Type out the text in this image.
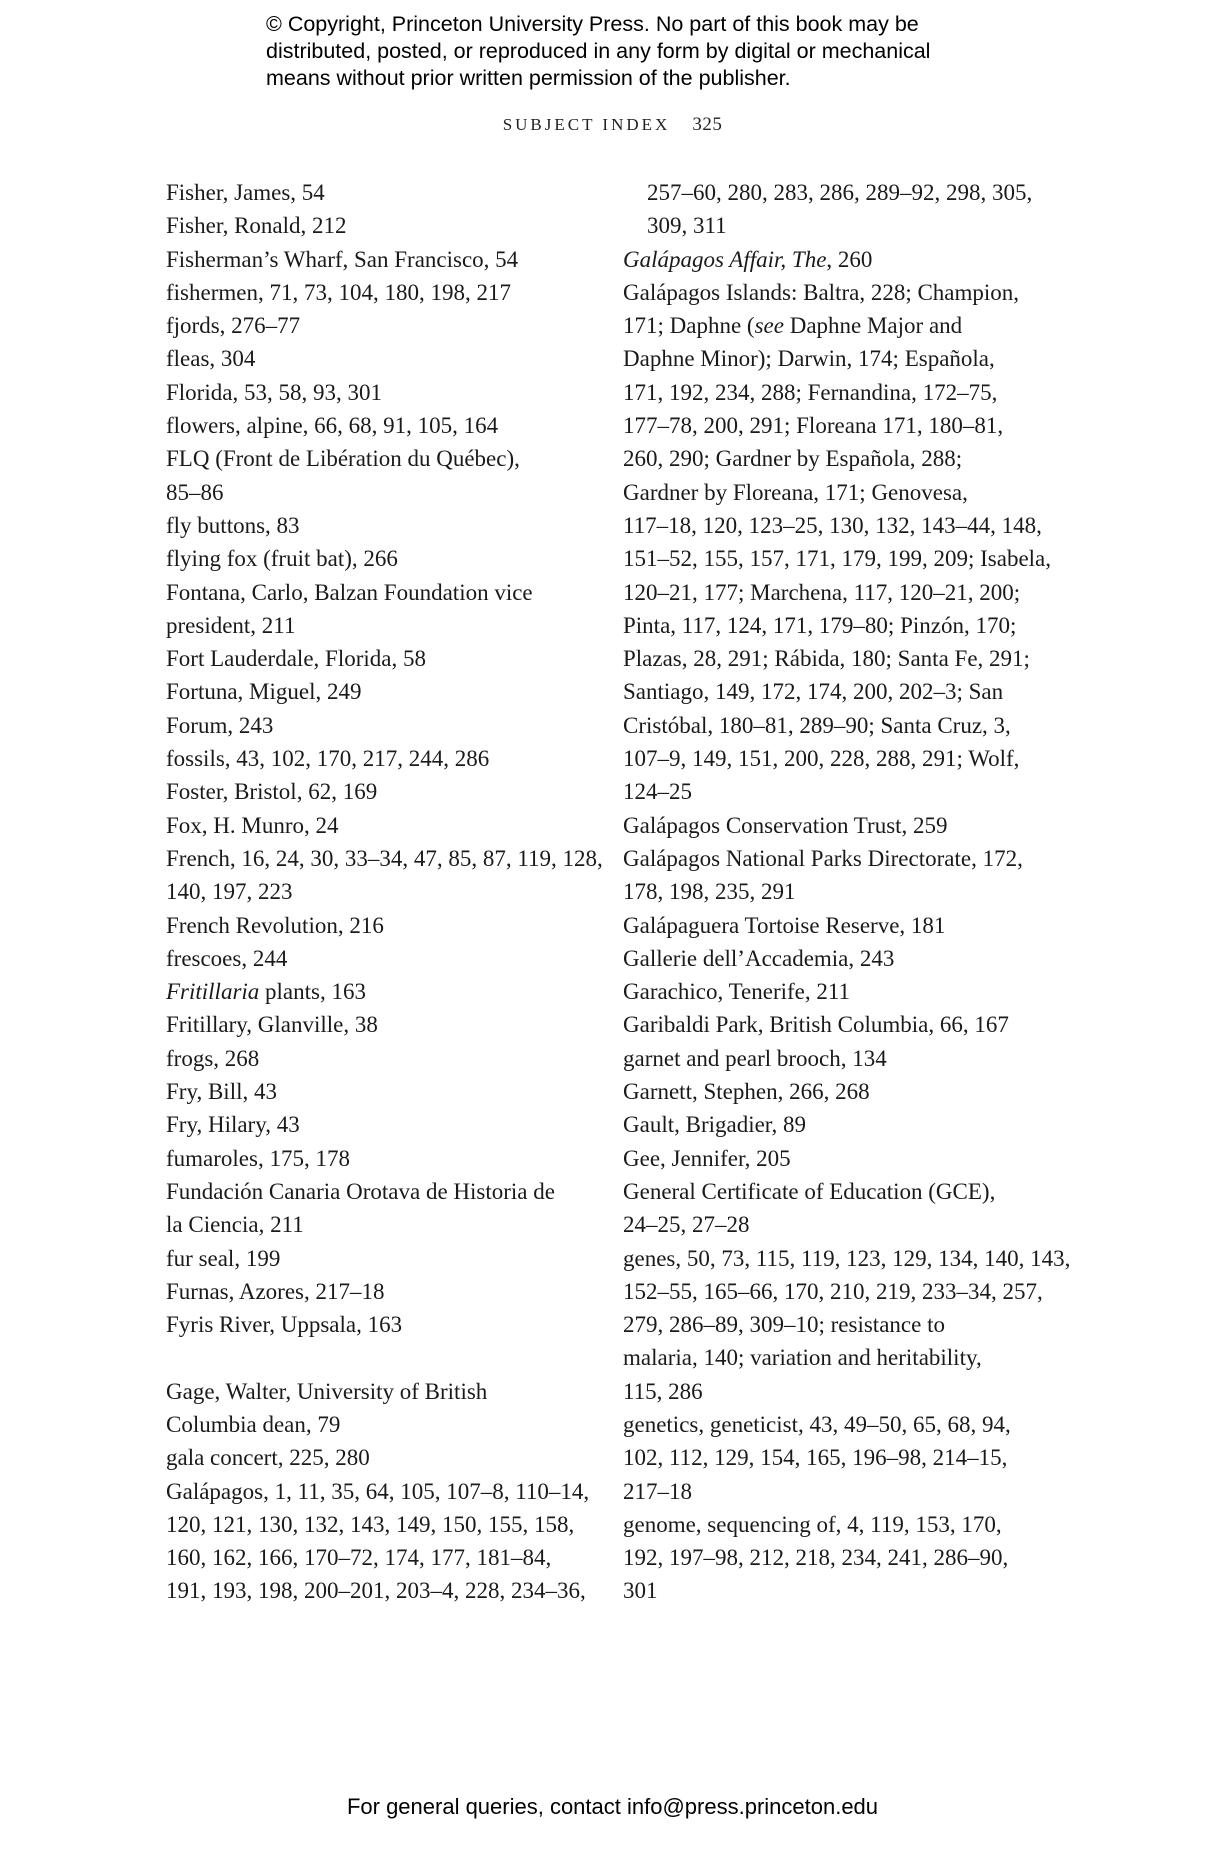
© Copyright, Princeton University Press. No part of this book may be
distributed, posted, or reproduced in any form by digital or mechanical
means without prior written permission of the publisher.
SUBJECT INDEX 325
Fisher, James, 54
Fisher, Ronald, 212
Fisherman’s Wharf, San Francisco, 54
fishermen, 71, 73, 104, 180, 198, 217
fjords, 276–77
fleas, 304
Florida, 53, 58, 93, 301
flowers, alpine, 66, 68, 91, 105, 164
FLQ (Front de Libération du Québec),
85–86
fly buttons, 83
flying fox (fruit bat), 266
Fontana, Carlo, Balzan Foundation vice
president, 211
Fort Lauderdale, Florida, 58
Fortuna, Miguel, 249
Forum, 243
fossils, 43, 102, 170, 217, 244, 286
Foster, Bristol, 62, 169
Fox, H. Munro, 24
French, 16, 24, 30, 33–34, 47, 85, 87, 119, 128,
140, 197, 223
French Revolution, 216
frescoes, 244
Fritillaria plants, 163
Fritillary, Glanville, 38
frogs, 268
Fry, Bill, 43
Fry, Hilary, 43
fumaroles, 175, 178
Fundación Canaria Orotava de Historia de
la Ciencia, 211
fur seal, 199
Furnas, Azores, 217–18
Fyris River, Uppsala, 163
Gage, Walter, University of British
Columbia dean, 79
gala concert, 225, 280
Galápagos, 1, 11, 35, 64, 105, 107–8, 110–14,
120, 121, 130, 132, 143, 149, 150, 155, 158,
160, 162, 166, 170–72, 174, 177, 181–84,
191, 193, 198, 200–201, 203–4, 228, 234–36,
257–60, 280, 283, 286, 289–92, 298, 305,
309, 311
Galápagos Affair, The, 260
Galápagos Islands: Baltra, 228; Champion,
171; Daphne (see Daphne Major and
Daphne Minor); Darwin, 174; Española,
171, 192, 234, 288; Fernandina, 172–75,
177–78, 200, 291; Floreana 171, 180–81,
260, 290; Gardner by Española, 288;
Gardner by Floreana, 171; Genovesa,
117–18, 120, 123–25, 130, 132, 143–44, 148,
151–52, 155, 157, 171, 179, 199, 209; Isabela,
120–21, 177; Marchena, 117, 120–21, 200;
Pinta, 117, 124, 171, 179–80; Pinzón, 170;
Plazas, 28, 291; Rábida, 180; Santa Fe, 291;
Santiago, 149, 172, 174, 200, 202–3; San
Cristóbal, 180–81, 289–90; Santa Cruz, 3,
107–9, 149, 151, 200, 228, 288, 291; Wolf,
124–25
Galápagos Conservation Trust, 259
Galápagos National Parks Directorate, 172,
178, 198, 235, 291
Galápaguera Tortoise Reserve, 181
Gallerie dell’Accademia, 243
Garachico, Tenerife, 211
Garibaldi Park, British Columbia, 66, 167
garnet and pearl brooch, 134
Garnett, Stephen, 266, 268
Gault, Brigadier, 89
Gee, Jennifer, 205
General Certificate of Education (GCE),
24–25, 27–28
genes, 50, 73, 115, 119, 123, 129, 134, 140, 143,
152–55, 165–66, 170, 210, 219, 233–34, 257,
279, 286–89, 309–10; resistance to
malaria, 140; variation and heritability,
115, 286
genetics, geneticist, 43, 49–50, 65, 68, 94,
102, 112, 129, 154, 165, 196–98, 214–15,
217–18
genome, sequencing of, 4, 119, 153, 170,
192, 197–98, 212, 218, 234, 241, 286–90,
301
For general queries, contact info@press.princeton.edu
